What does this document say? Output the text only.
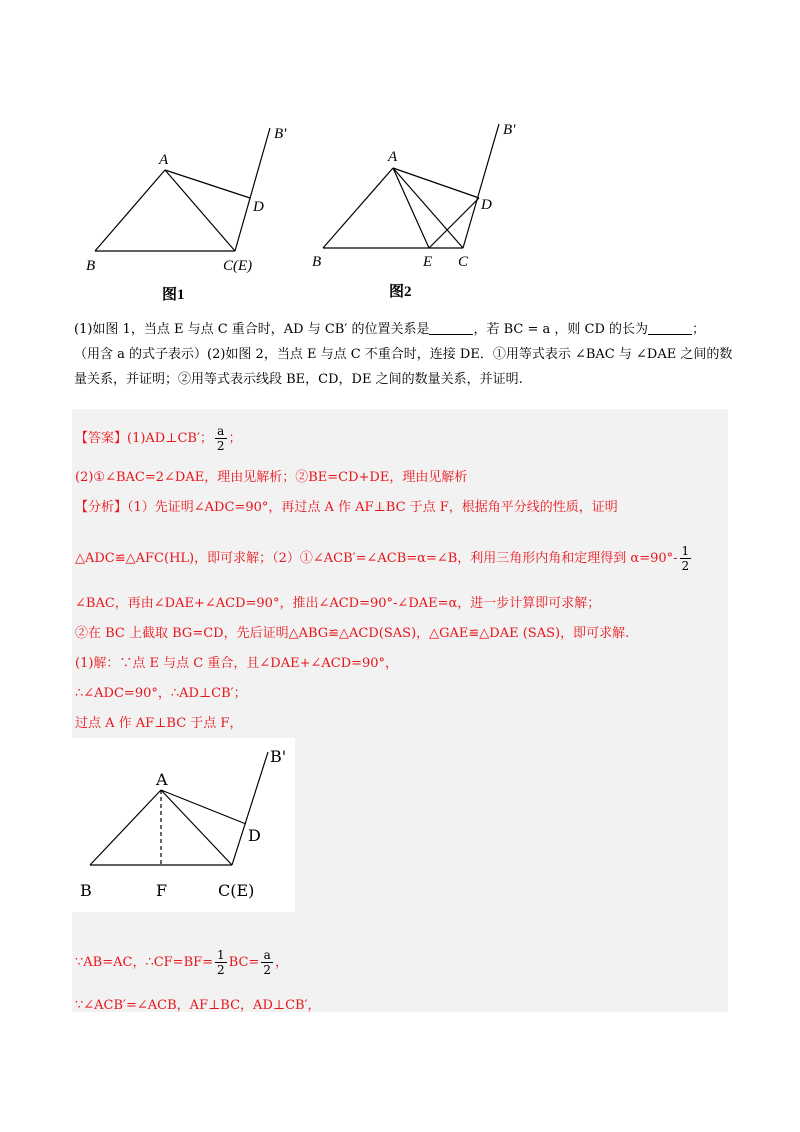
A
B	C(E)
D
B'
图1
A
B	E C
D
B'
图2
(1)如图 1，当点 E 与点 C 重合时，AD 与 CB′ 的位置关系是	，若 BC = a ，则 CD 的长为	；
（用含 a 的式子表示）(2)如图 2，当点 E 与点 C 不重合时，连接 DE．①用等式表示 ∠BAC 与 ∠DAE 之间的数量关系，并证明；②用等式表示线段 BE，CD，DE 之间的数量关系，并证明.
【答案】(1)AD⊥CB′； $\frac{a}{2}$ ；
(2)①∠BAC=2∠DAE，理由见解析；②BE=CD+DE，理由见解析
【分析】（1）先证明∠ADC=90°，再过点 A 作 AF⊥BC 于点 F，根据角平分线的性质，证明
△ADC≌△AFC(HL)，即可求解；（2）①∠ACB′=∠ACB=α=∠B，利用三角形内角和定理得到 $\alpha=90^\circ- \frac{1}{2}$
∠BAC，再由∠DAE+∠ACD=90°，推出∠ACD=90°-∠DAE=α，进一步计算即可求解；
②在 BC 上截取 BG=CD，先后证明△ABG≌△ACD(SAS)，△GAE≌△DAE (SAS)，即可求解.
(1)解：∵点 E 与点 C 重合，且∠DAE+∠ACD=90°，
∴∠ADC=90°，∴AD⊥CB′；
过点 A 作 AF⊥BC 于点 F，
A
B	F	C(E)
D
B'
∵AB=AC，∴CF=BF= $\frac{1}{2} BC= \frac{a}{2}$ ，
∵∠ACB′=∠ACB，AF⊥BC，AD⊥CB′，
